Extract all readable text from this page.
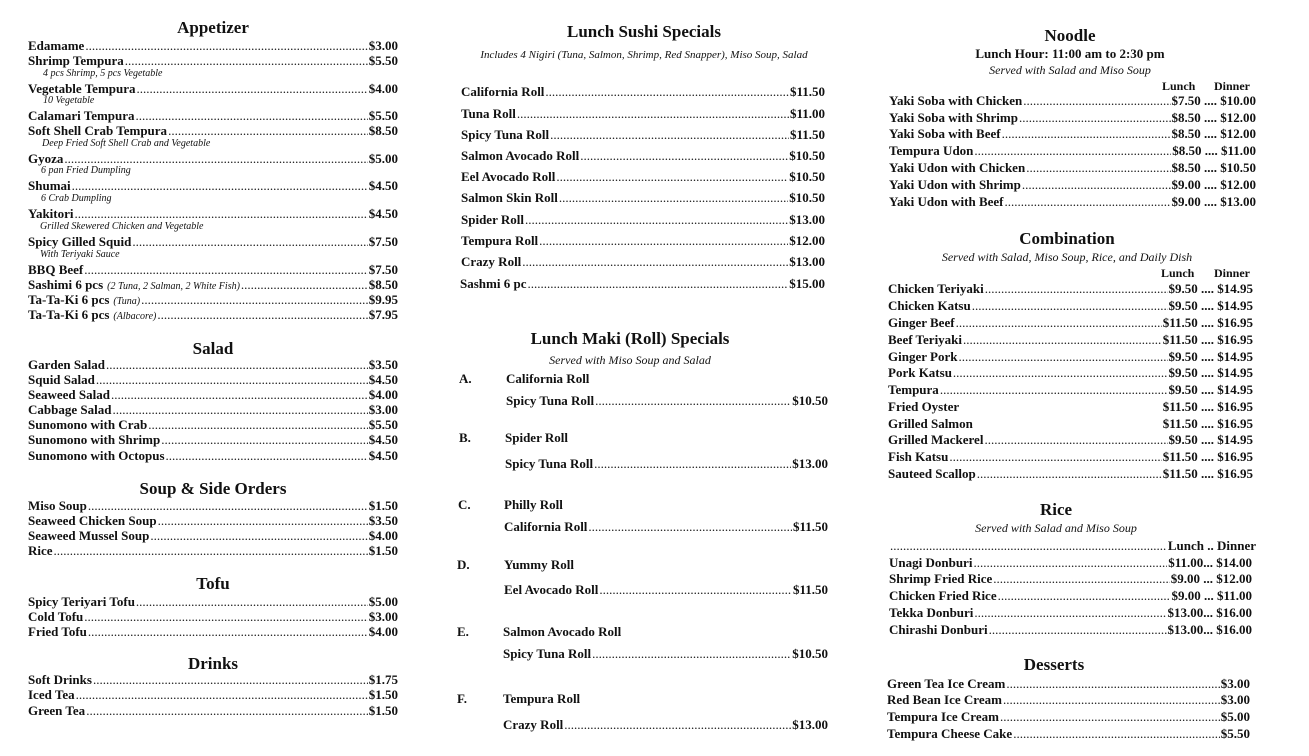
Appetizer
Edamame .....	$3.00
Shrimp Tempura .....	$5.50
4 pcs Shrimp, 5 pcs Vegetable
Vegetable Tempura .....	$4.00
10 Vegetable
Calamari Tempura .....	$5.50
Soft Shell Crab Tempura .....	$8.50
Deep Fried Soft Shell Crab and Vegetable
Gyoza .....	$5.00
6 pan Fried Dumpling
Shumai .....	$4.50
6 Crab Dumpling
Yakitori .....	$4.50
Grilled Skewered Chicken and Vegetable
Spicy Gilled Squid .....	$7.50
With Teriyaki Sauce
BBQ Beef .....	$7.50
Sashimi 6 pcs (2 Tuna, 2 Salman, 2 White Fish) .....	$8.50
Ta-Ta-Ki 6 pcs (Tuna) .....	$9.95
Ta-Ta-Ki 6 pcs (Albacore) .....	$7.95
Salad
Garden Salad .....	$3.50
Squid Salad .....	$4.50
Seaweed Salad .....	$4.00
Cabbage Salad .....	$3.00
Sunomono with Crab .....	$5.50
Sunomono with Shrimp .....	$4.50
Sunomono with Octopus .....	$4.50
Soup & Side Orders
Miso Soup .....	$1.50
Seaweed Chicken Soup .....	$3.50
Seaweed Mussel Soup .....	$4.00
Rice .....	$1.50
Tofu
Spicy Teriyari Tofu .....	$5.00
Cold Tofu .....	$3.00
Fried Tofu .....	$4.00
Drinks
Soft Drinks .....	$1.75
Iced Tea .....	$1.50
Green Tea .....	$1.50
Lunch Sushi Specials
Includes 4 Nigiri (Tuna, Salmon, Shrimp, Red Snapper), Miso Soup, Salad
California Roll .....	$11.50
Tuna Roll .....	$11.00
Spicy Tuna Roll .....	$11.50
Salmon Avocado Roll .....	$10.50
Eel Avocado Roll .....	$10.50
Salmon Skin Roll .....	$10.50
Spider Roll .....	$13.00
Tempura Roll .....	$12.00
Crazy Roll .....	$13.00
Sashmi 6 pc .....	$15.00
Lunch Maki (Roll) Specials
Served with Miso Soup and Salad
A.	California Roll
Spicy Tuna Roll .....	$10.50
B.	Spider Roll
Spicy Tuna Roll .....	$13.00
C.	Philly Roll
California Roll .....	$11.50
D.	Yummy Roll
Eel Avocado Roll .....	$11.50
E.	Salmon Avocado Roll
Spicy Tuna Roll .....	$10.50
F.	Tempura Roll
Crazy Roll .....	$13.00
Noodle
Lunch Hour: 11:00 am to 2:30 pm
Served with Salad and Miso Soup
Lunch Dinner
Yaki Soba with Chicken .....	$7.50 .... $10.00
Yaki Soba with Shrimp .....	$8.50 .... $12.00
Yaki Soba with Beef .....	$8.50 .... $12.00
Tempura Udon .....	$8.50 .... $11.00
Yaki Udon with Chicken .....	$8.50 .... $10.50
Yaki Udon with Shrimp .....	$9.00 .... $12.00
Yaki Udon with Beef .....	$9.00 .... $13.00
Combination
Served with Salad, Miso Soup, Rice, and Daily Dish
Lunch Dinner
Chicken Teriyaki .....	$9.50 .... $14.95
Chicken Katsu .....	$9.50 .... $14.95
Ginger Beef .....	$11.50 .... $16.95
Beef Teriyaki .....	$11.50 .... $16.95
Ginger Pork .....	$9.50 .... $14.95
Pork Katsu .....	$9.50 .... $14.95
Tempura .....	$9.50 .... $14.95
Fried Oyster	$11.50 .... $16.95
Grilled Salmon	$11.50 .... $16.95
Grilled Mackerel .....	$9.50 .... $14.95
Fish Katsu .....	$11.50 .... $16.95
Sauteed Scallop .....	$11.50 .... $16.95
Rice
Served with Salad and Miso Soup
.....
Lunch .. Dinner
Unagi Donburi .....	$11.00 ... $14.00
Shrimp Fried Rice .....	$9.00 ... $12.00
Chicken Fried Rice .....	$9.00 ... $11.00
Tekka Donburi .....	$13.00 ... $16.00
Chirashi Donburi .....	$13.00 ... $16.00
Desserts
Green Tea Ice Cream .....	$3.00
Red Bean Ice Cream .....	$3.00
Tempura Ice Cream .....	$5.00
Tempura Cheese Cake .....	$5.50
